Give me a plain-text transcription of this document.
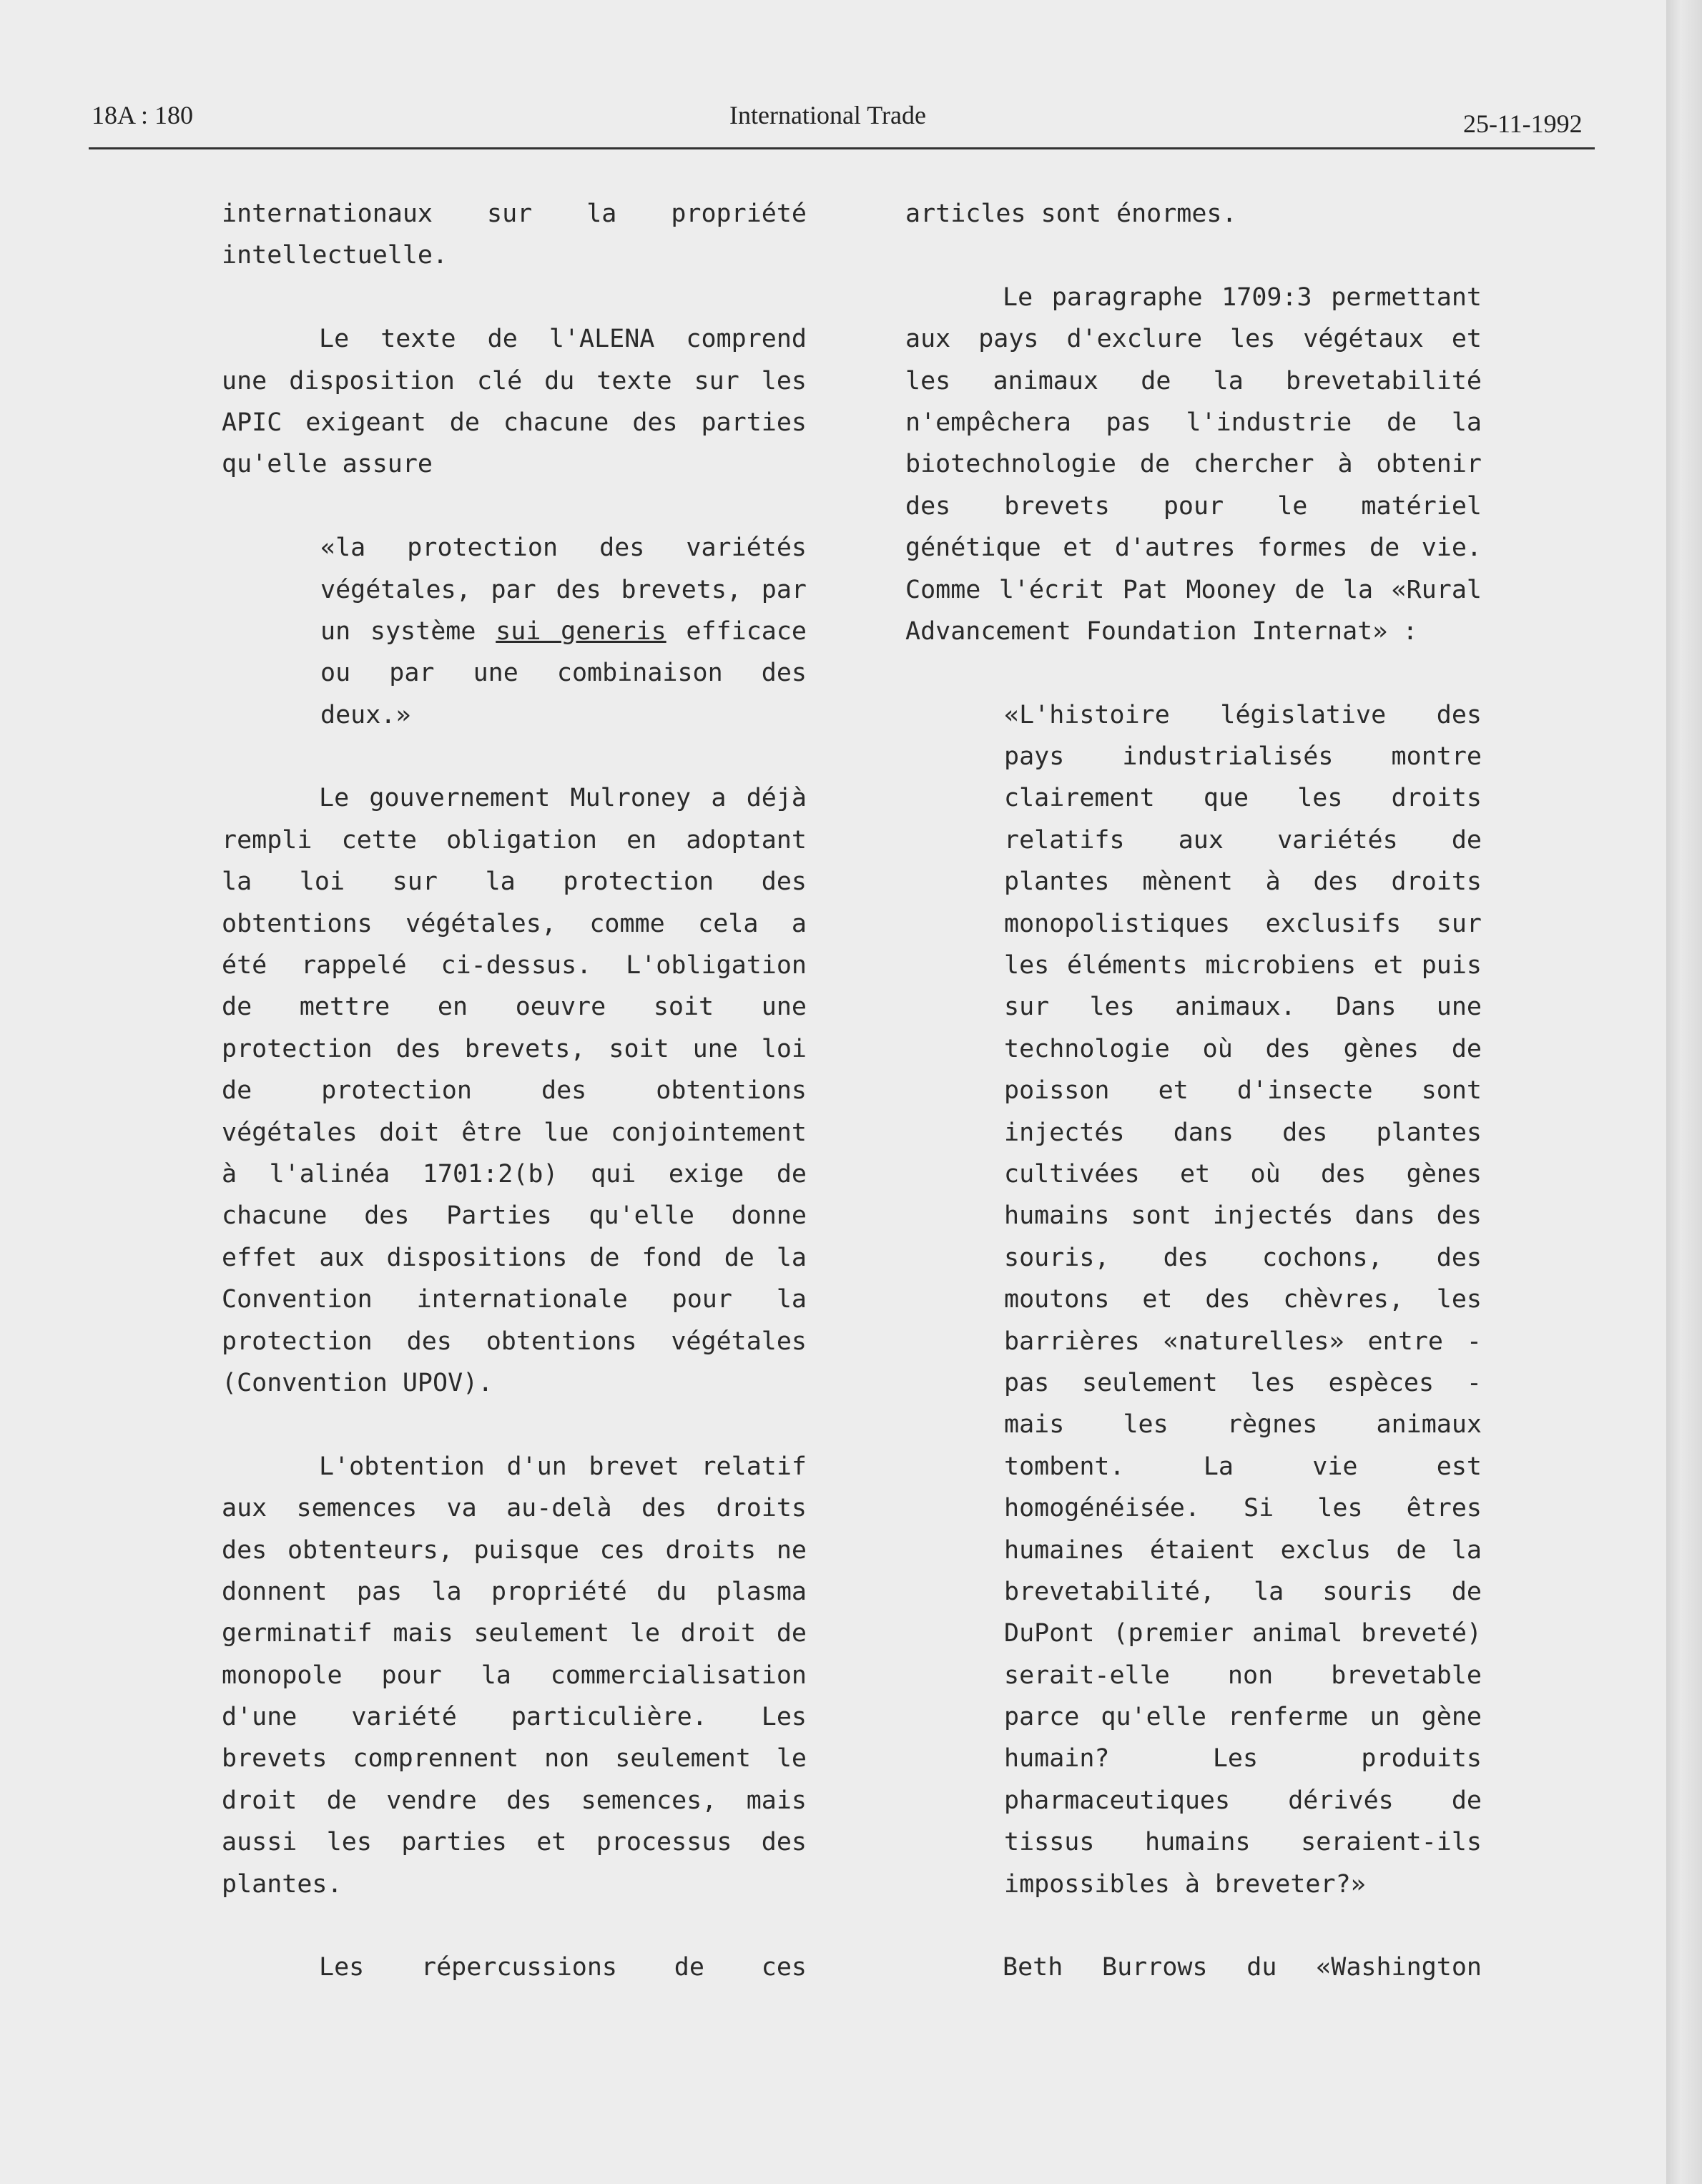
18A : 180	International Trade	25-11-1992
internationaux sur la propriété
intellectuelle.

Le texte de l'ALENA comprend
une disposition clé du texte sur les
APIC exigeant de chacune des parties
qu'elle assure

«la protection des variétés
végétales, par des brevets, par
un système sui generis efficace
ou par une combinaison des
deux.»

Le gouvernement Mulroney a déjà
rempli cette obligation en adoptant
la loi sur la protection des
obtentions végétales, comme cela a
été rappelé ci-dessus. L'obligation
de mettre en oeuvre soit une
protection des brevets, soit une loi
de protection des obtentions
végétales doit être lue conjointement
à l'alinéa 1701:2(b) qui exige de
chacune des Parties qu'elle donne
effet aux dispositions de fond de la
Convention internationale pour la
protection des obtentions végétales
(Convention UPOV).

L'obtention d'un brevet relatif
aux semences va au-delà des droits
des obtenteurs, puisque ces droits ne
donnent pas la propriété du plasma
germinatif mais seulement le droit de
monopole pour la commercialisation
d'une variété particulière. Les
brevets comprennent non seulement le
droit de vendre des semences, mais
aussi les parties et processus des
plantes.

Les répercussions de ces
articles sont énormes.

Le paragraphe 1709:3 permettant
aux pays d'exclure les végétaux et
les animaux de la brevetabilité
n'empêchera pas l'industrie de la
biotechnologie de chercher à obtenir
des brevets pour le matériel
génétique et d'autres formes de vie.
Comme l'écrit Pat Mooney de la «Rural
Advancement Foundation Internat» :

«L'histoire législative des
pays industrialisés montre
clairement que les droits
relatifs aux variétés de
plantes mènent à des droits
monopolistiques exclusifs sur
les éléments microbiens et puis
sur les animaux. Dans une
technologie où des gènes de
poisson et d'insecte sont
injectés dans des plantes
cultivées et où des gènes
humains sont injectés dans des
souris, des cochons, des
moutons et des chèvres, les
barrières «naturelles» entre -
pas seulement les espèces -
mais les règnes animaux
tombent. La vie est
homogénéisée. Si les êtres
humaines étaient exclus de la
brevetabilité, la souris de
DuPont (premier animal breveté)
serait-elle non brevetable
parce qu'elle renferme un gène
humain? Les produits
pharmaceutiques dérivés de
tissus humains seraient-ils
impossibles à breveter?»

Beth Burrows du «Washington
